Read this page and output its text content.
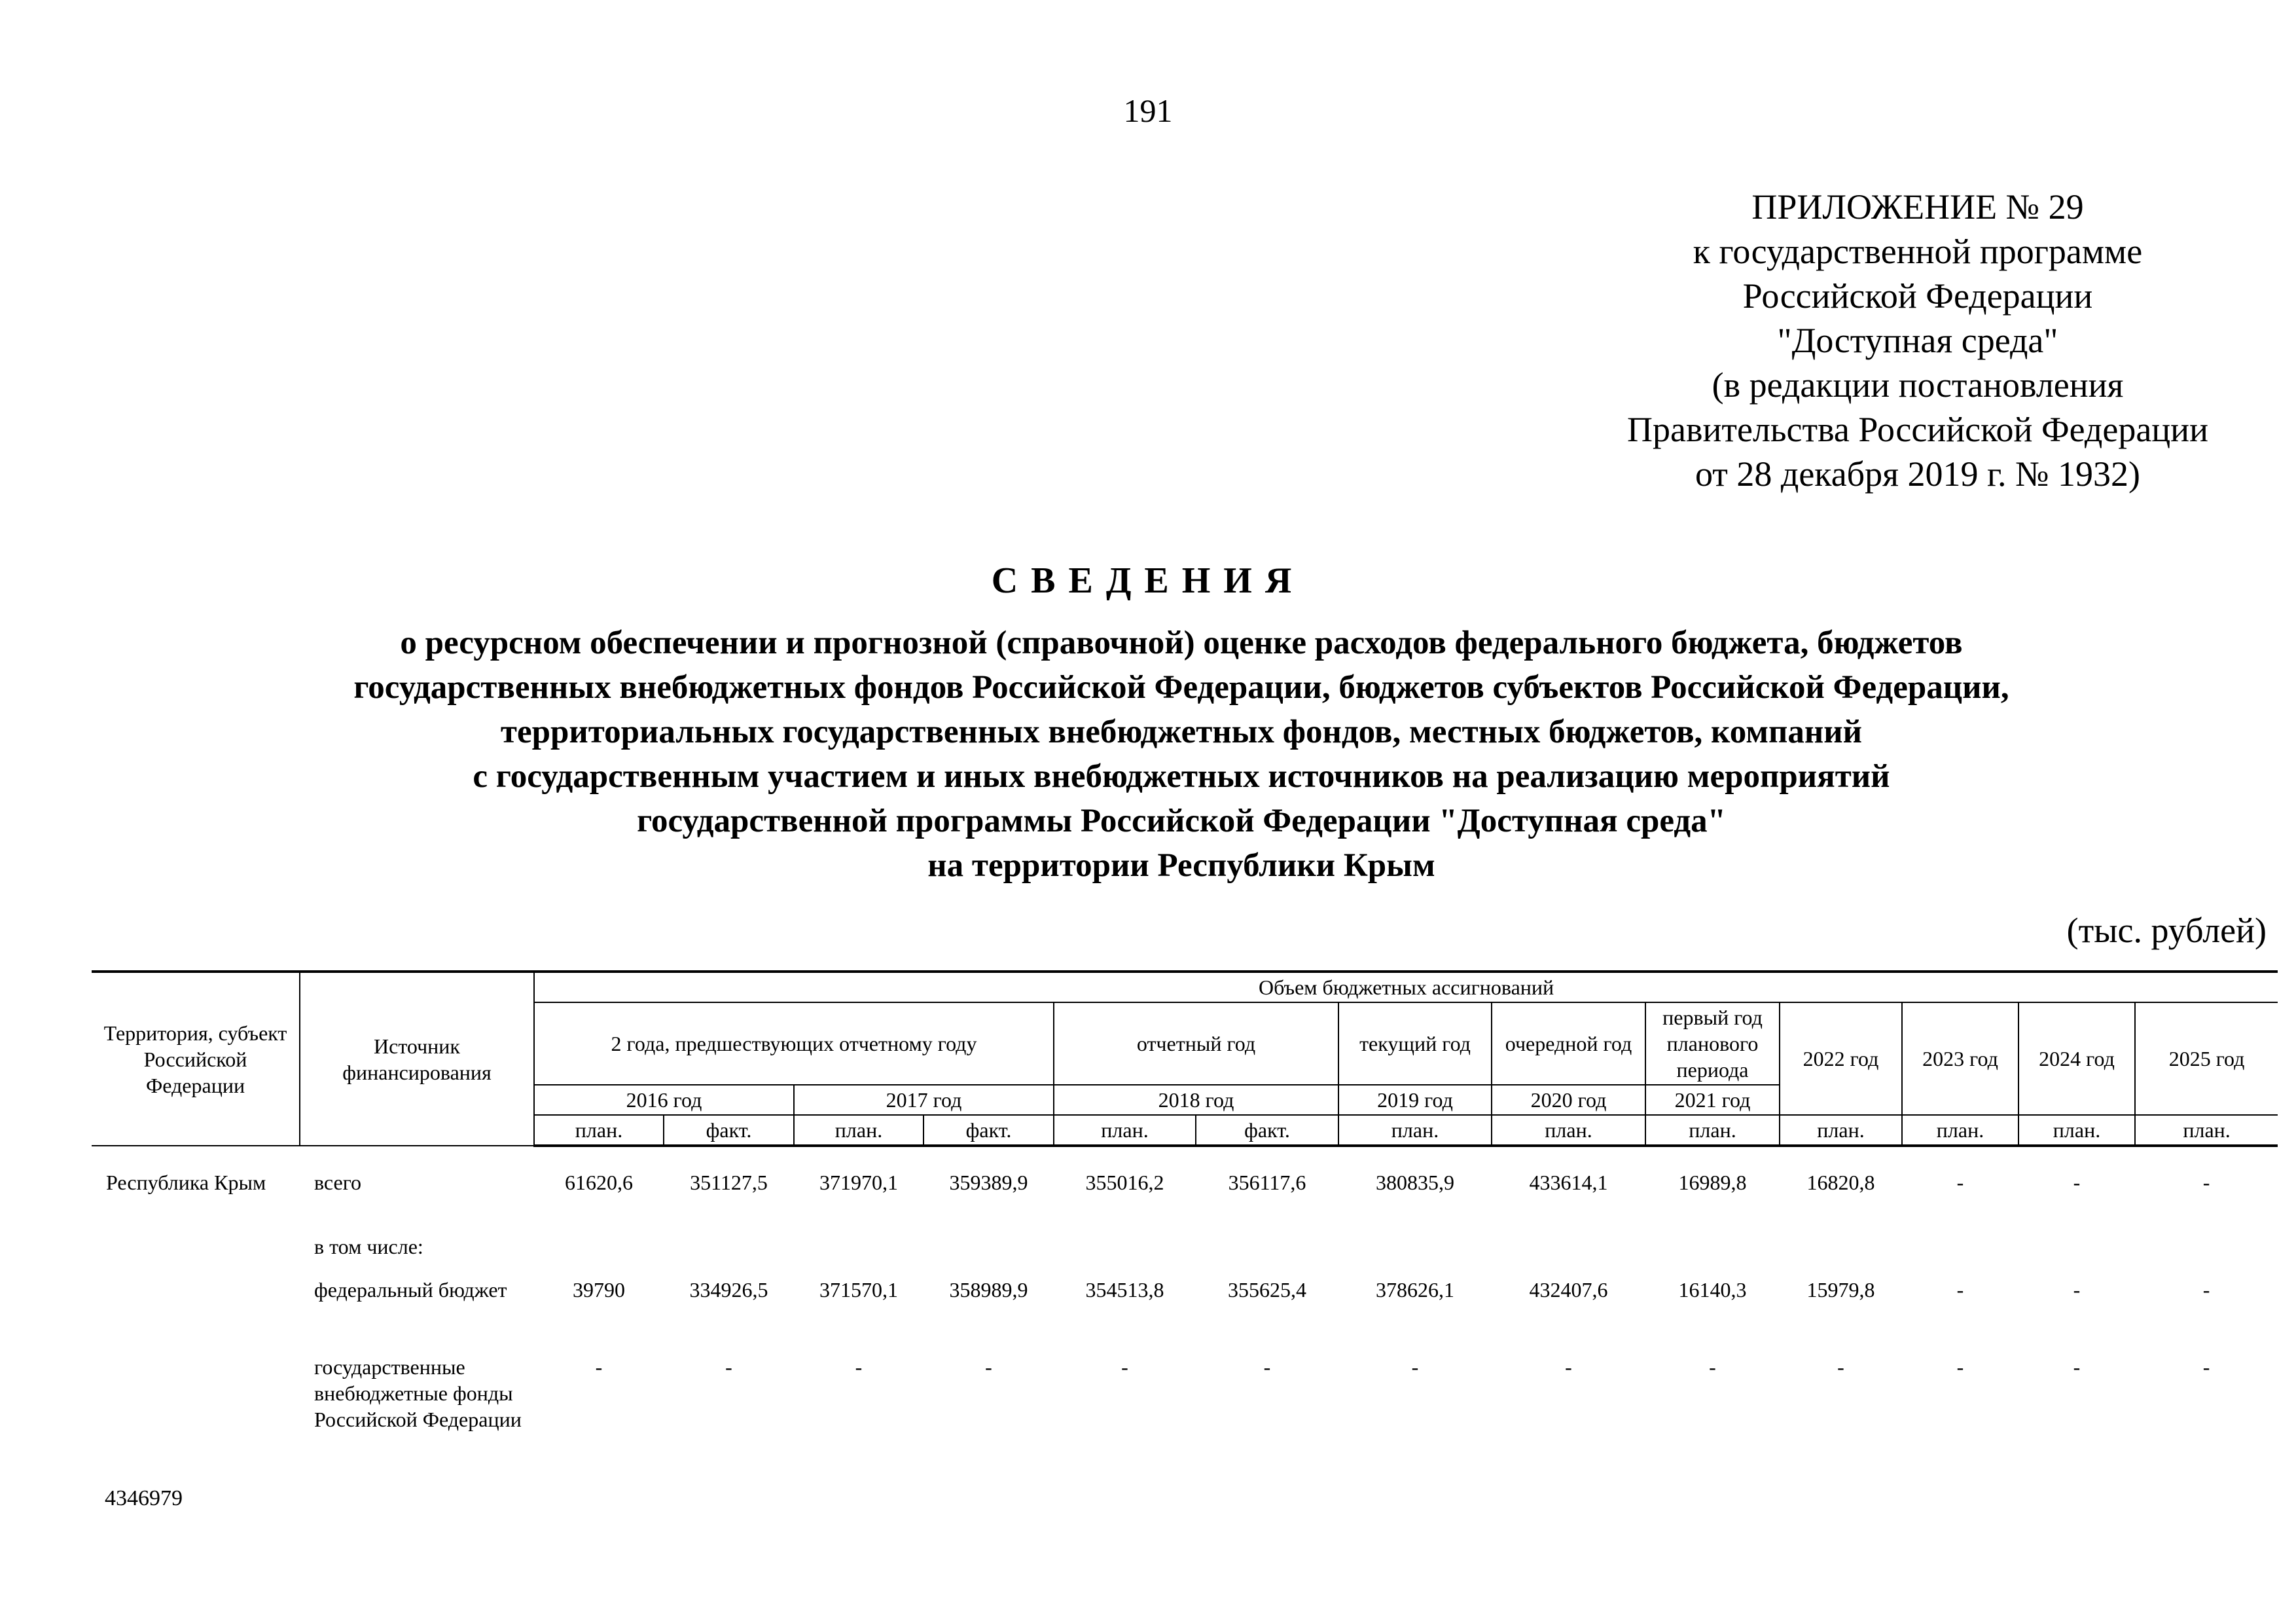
191
ПРИЛОЖЕНИЕ № 29
к государственной программе
Российской Федерации
"Доступная среда"
(в редакции постановления
Правительства Российской Федерации
от 28 декабря 2019 г. № 1932)
СВЕДЕНИЯ
о ресурсном обеспечении и прогнозной (справочной) оценке расходов федерального бюджета, бюджетов
государственных внебюджетных фондов Российской Федерации, бюджетов субъектов Российской Федерации,
территориальных государственных внебюджетных фондов, местных бюджетов, компаний
с государственным участием и иных внебюджетных источников на реализацию мероприятий
государственной программы Российской Федерации "Доступная среда"
на территории Республики Крым
(тыс. рублей)
Территория, субъект Российской Федерации	Источник финансирования	Объем бюджетных ассигнований												
		2 года, предшествующих отчетному году				отчетный год		текущий год	очередной год	первый год планового периода	2022 год	2023 год	2024 год	2025 год
		2016 год		2017 год		2018 год		2019 год	2020 год	2021 год				
		план.	факт.	план.	факт.	план.	факт.	план.	план.	план.	план.	план.	план.	план.

Республика Крым	всего	61620,6	351127,5	371970,1	359389,9	355016,2	356117,6	380835,9	433614,1	16989,8	16820,8	-	-	-
	в том числе:													
	федеральный бюджет	39790	334926,5	371570,1	358989,9	354513,8	355625,4	378626,1	432407,6	16140,3	15979,8	-	-	-
	государственные внебюджетные фонды Российской Федерации	-	-	-	-	-	-	-	-	-	-	-	-	-
4346979
